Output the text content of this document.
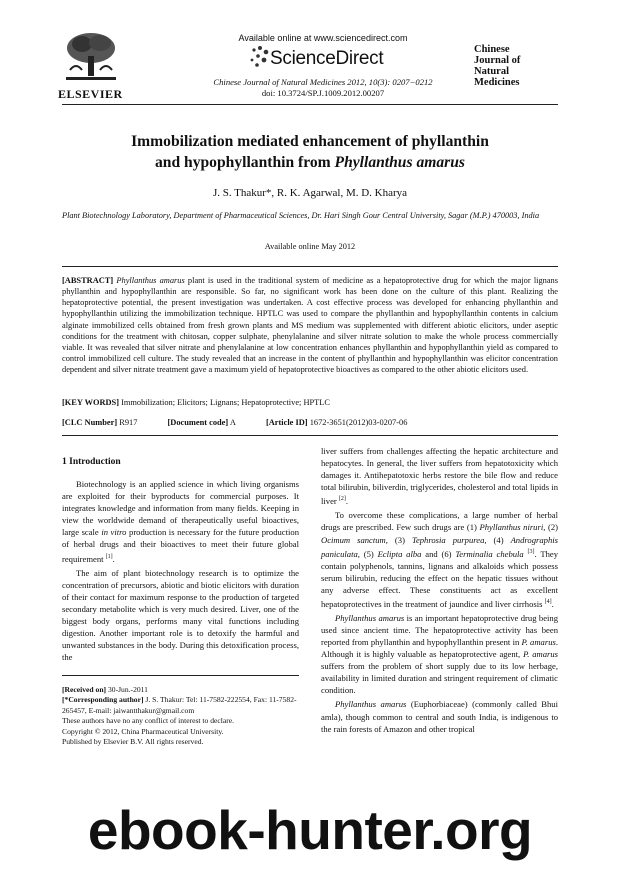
ELSEVIER
Available online at www.sciencedirect.com
ScienceDirect
Chinese Journal of Natural Medicines 2012, 10(3): 0207−0212
doi: 10.3724/SP.J.1009.2012.00207
Chinese
Journal of
Natural
Medicines
Immobilization mediated enhancement of phyllanthin
and hypophyllanthin from Phyllanthus amarus
J. S. Thakur*, R. K. Agarwal, M. D. Kharya
Plant Biotechnology Laboratory, Department of Pharmaceutical Sciences, Dr. Hari Singh Gour Central University, Sagar (M.P.) 470003, India
Available online May 2012
[ABSTRACT] Phyllanthus amarus plant is used in the traditional system of medicine as a hepatoprotective drug for which the major lignans phyllanthin and hypophyllanthin are responsible. So far, no significant work has been done on the culture of this plant. Realizing the hepatoprotective potential, the present investigation was undertaken. A cost effective process was developed for enhancing phyllanthin and hypophyllanthin utilizing the immobilization technique. HPTLC was used to compare the phyllanthin and hypophyllanthin contents in calcium alginate immobilized cells obtained from fresh grown plants and MS medium was supplemented with different abiotic elicitors, under aseptic conditions for the treatment with chitosan, copper sulphate, phenylalanine and silver nitrate solution to make the whole process commercially viable. It was revealed that silver nitrate and phenylalanine at low concentration enhances phyllanthin and hypophyllanthin yield as compared to control immobilized cell culture. The study revealed that an increase in the content of phyllanthin and hypophyllanthin was elicitor concentration dependent and silver nitrate treatment gave a maximum yield of hepatoprotective bioactives as compared to the other abiotic elicitors used.
[KEY WORDS] Immobilization; Elicitors; Lignans; Hepatoprotective; HPTLC
[CLC Number] R917	[Document code] A	[Article ID] 1672-3651(2012)03-0207-06
1 Introduction

Biotechnology is an applied science in which living organisms are exploited for their byproducts for commercial purposes. It integrates knowledge and information from many fields. Keeping in view the worldwide demand of therapeutically useful bioactives, large scale in vitro production is necessary for the future production of herbal drugs and their bioactives to meet their future global requirement [1].

The aim of plant biotechnology research is to optimize the concentration of precursors, abiotic and biotic elicitors with duration of their contact for maximum response to the production of targeted secondary metabolite which is very much desired. Liver, one of the biggest body organs, performs many vital functions including digestion. Another important role is to detoxify the harmful and unwanted substances in the body. During this detoxification process, the

[Received on] 30-Jun.-2011
[*Corresponding author] J. S. Thakur: Tel: 11-7582-222554, Fax: 11-7582-265457, E-mail: jaiwantthakur@gmail.com
These authors have no any conflict of interest to declare.
Copyright © 2012, China Pharmaceutical University.
Published by Elsevier B.V. All rights reserved.

liver suffers from challenges affecting the hepatic architecture and hepatocytes. In general, the liver suffers from hepatotoxicity which damages it. Antihepatotoxic herbs restore the bile flow and reduce total bilirubin, biliverdin, triglycerides, cholesterol and total lipids in liver [2].

To overcome these complications, a large number of herbal drugs are prescribed. Few such drugs are (1) Phyllanthus niruri, (2) Ocimum sanctum, (3) Tephrosia purpurea, (4) Andrographis paniculata, (5) Eclipta alba and (6) Terminalia chebula [3]. They contain polyphenols, tannins, lignans and alkaloids which possess serum bilirubin, reducing the effect on the hepatic tissues without any adverse effect. These constituents act as excellent hepatoprotectives in the treatment of jaundice and liver cirrhosis [4].

Phyllanthus amarus is an important hepatoprotective drug being used since ancient time. The hepatoprotective activity has been reported from phyllanthin and hypophyllanthin present in P. amarus. Although it is highly valuable as hepatoprotective agent, P. amarus suffers from the problem of short supply due to its low herbage, availability in limited duration and stringent requirement of climatic condition.

Phyllanthus amarus (Euphorbiaceae) (commonly called Bhui amla), though common to central and south India, is indigenous to the rain forests of Amazon and other tropical

ebook-hunter.org
